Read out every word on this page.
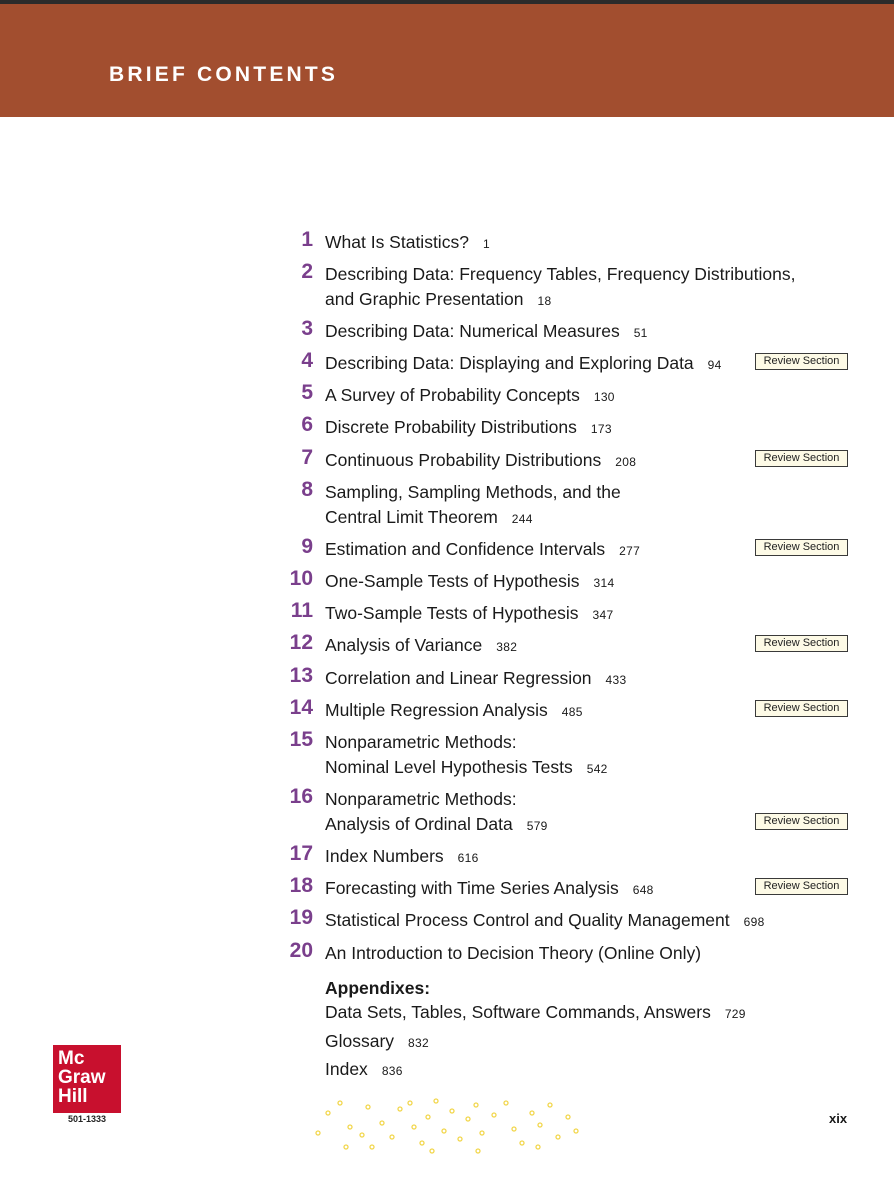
BRIEF CONTENTS
1 What Is Statistics? 1
2 Describing Data: Frequency Tables, Frequency Distributions,
and Graphic Presentation 18
3 Describing Data: Numerical Measures 51
4 Describing Data: Displaying and Exploring Data 94	Review Section
5 A Survey of Probability Concepts 130
6 Discrete Probability Distributions 173
7 Continuous Probability Distributions 208	Review Section
8 Sampling, Sampling Methods, and the
Central Limit Theorem 244
9 Estimation and Confidence Intervals 277	Review Section
10 One-Sample Tests of Hypothesis 314
11 Two-Sample Tests of Hypothesis 347
12 Analysis of Variance 382	Review Section
13 Correlation and Linear Regression 433
14 Multiple Regression Analysis 485	Review Section
15 Nonparametric Methods:
Nominal Level Hypothesis Tests 542
16 Nonparametric Methods:
Analysis of Ordinal Data 579	Review Section
17 Index Numbers 616
18 Forecasting with Time Series Analysis 648	Review Section
19 Statistical Process Control and Quality Management 698
20 An Introduction to Decision Theory (Online Only)
Appendixes:
Data Sets, Tables, Software Commands, Answers 729
Glossary 832
Index 836
Mc
Graw
Hill
501-1333	xix
